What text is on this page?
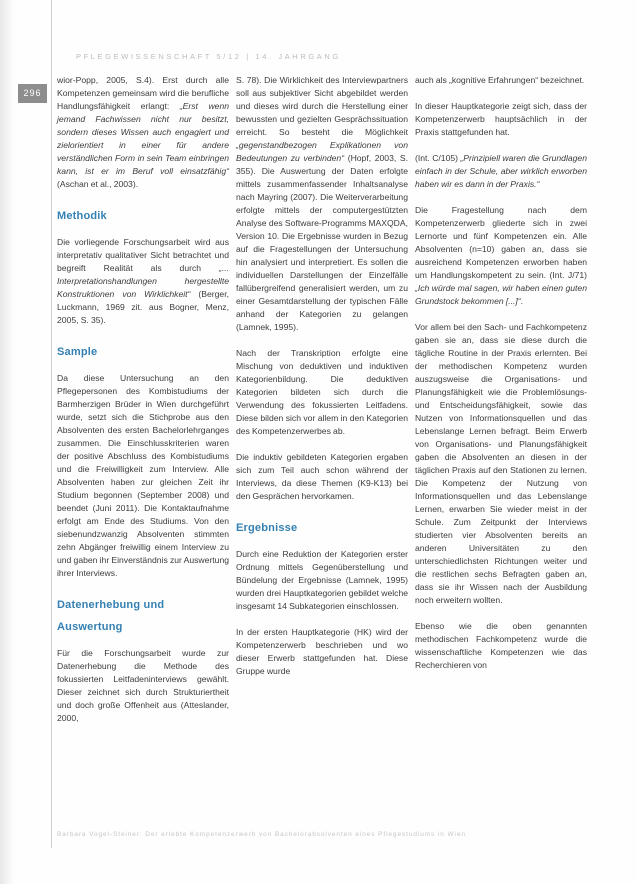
PFLEGEWISSENSCHAFT 5/12 | 14. JAHRGANG
296

wior-Popp, 2005, S.4). Erst durch alle Kompetenzen gemeinsam wird die berufliche Handlungsfähigkeit erlangt: „Erst wenn jemand Fachwissen nicht nur besitzt, sondern dieses Wissen auch engagiert und zielorientiert in einer für andere verständlichen Form in sein Team einbringen kann, ist er im Beruf voll einsatzfähig“ (Aschan et al., 2003).

Methodik

Die vorliegende Forschungsarbeit wird aus interpretativ qualitativer Sicht betrachtet und begreift Realität als durch „... Interpretationshandlungen hergestellte Konstruktionen von Wirklichkeit“ (Berger, Luckmann, 1969 zit. aus Bogner, Menz, 2005, S. 35).

Sample

Da diese Untersuchung an den Pflegepersonen des Kombistudiums der Barmherzigen Brüder in Wien durchgeführt wurde, setzt sich die Stichprobe aus den Absolventen des ersten Bachelorlehrganges zusammen. Die Einschlusskriterien waren der positive Abschluss des Kombistudiums und die Freiwilligkeit zum Interview. Alle Absolventen haben zur gleichen Zeit ihr Studium begonnen (September 2008) und beendet (Juni 2011). Die Kontaktaufnahme erfolgt am Ende des Studiums. Von den siebenundzwanzig Absolventen stimmten zehn Abgänger freiwillig einem Interview zu und gaben ihr Einverständnis zur Auswertung ihrer Interviews.

Datenerhebung und Auswertung

Für die Forschungsarbeit wurde zur Datenerhebung die Methode des fokussierten Leitfadeninterviews gewählt. Dieser zeichnet sich durch Strukturiertheit und doch große Offenheit aus (Atteslander, 2000,

S. 78). Die Wirklichkeit des Interviewpartners soll aus subjektiver Sicht abgebildet werden und dieses wird durch die Herstellung einer bewussten und gezielten Gesprächssituation erreicht. So besteht die Möglichkeit „gegenstandbezogen Explikationen von Bedeutungen zu verbinden“ (Hopf, 2003, S. 355). Die Auswertung der Daten erfolgte mittels zusammenfassender Inhaltsanalyse nach Mayring (2007). Die Weiterverarbeitung erfolgte mittels der computergestützten Analyse des Software-Programms MAXQDA, Version 10. Die Ergebnisse wurden in Bezug auf die Fragestellungen der Untersuchung hin analysiert und interpretiert. Es sollen die individuellen Darstellungen der Einzelfälle fallübergreifend generalisiert werden, um zu einer Gesamtdarstellung der typischen Fälle anhand der Kategorien zu gelangen (Lamnek, 1995).

Nach der Transkription erfolgte eine Mischung von deduktiven und induktiven Kategorienbildung. Die deduktiven Kategorien bildeten sich durch die Verwendung des fokussierten Leitfadens. Diese bilden sich vor allem in den Kategorien des Kompetenzerwerbes ab.

Die induktiv gebildeten Kategorien ergaben sich zum Teil auch schon während der Interviews, da diese Themen (K9-K13) bei den Gesprächen hervorkamen.

Ergebnisse

Durch eine Reduktion der Kategorien erster Ordnung mittels Gegenüberstellung und Bündelung der Ergebnisse (Lamnek, 1995) wurden drei Hauptkategorien gebildet welche insgesamt 14 Subkategorien einschlossen.

In der ersten Hauptkategorie (HK) wird der Kompetenzerwerb beschrieben und wo dieser Erwerb stattgefunden hat. Diese Gruppe wurde

auch als „kognitive Erfahrungen“ bezeichnet.

In dieser Hauptkategorie zeigt sich, dass der Kompetenzerwerb hauptsächlich in der Praxis stattgefunden hat.

(Int. C/105) „Prinzipiell waren die Grundlagen einfach in der Schule, aber wirklich erworben haben wir es dann in der Praxis.“

Die Fragestellung nach dem Kompetenzerwerb gliederte sich in zwei Lernorte und fünf Kompetenzen ein. Alle Absolventen (n=10) gaben an, dass sie ausreichend Kompetenzen erworben haben um Handlungskompetent zu sein. (Int. J/71) „Ich würde mal sagen, wir haben einen guten Grundstock bekommen [...]“.

Vor allem bei den Sach- und Fachkompetenz gaben sie an, dass sie diese durch die tägliche Routine in der Praxis erlernten. Bei der methodischen Kompetenz wurden auszugsweise die Organisations- und Planungsfähigkeit wie die Problemlösungs- und Entscheidungsfähigkeit, sowie das Nutzen von Informationsquellen und das Lebenslange Lernen befragt. Beim Erwerb von Organisations- und Planungsfähigkeit gaben die Absolventen an diesen in der täglichen Praxis auf den Stationen zu lernen. Die Kompetenz der Nutzung von Informationsquellen und das Lebenslange Lernen, erwarben Sie wieder meist in der Schule. Zum Zeitpunkt der Interviews studierten vier Absolventen bereits an anderen Universitäten zu den unterschiedlichsten Richtungen weiter und die restlichen sechs Befragten gaben an, dass sie ihr Wissen nach der Ausbildung noch erweitern wollten.

Ebenso wie die oben genannten methodischen Fachkompetenz wurde die wissenschaftliche Kompetenzen wie das Recherchieren von

Barbara Vogel-Steiner: Der erlebte Kompetenzerwerb von Bachelorabsolventen eines Pflegestudiums in Wien
